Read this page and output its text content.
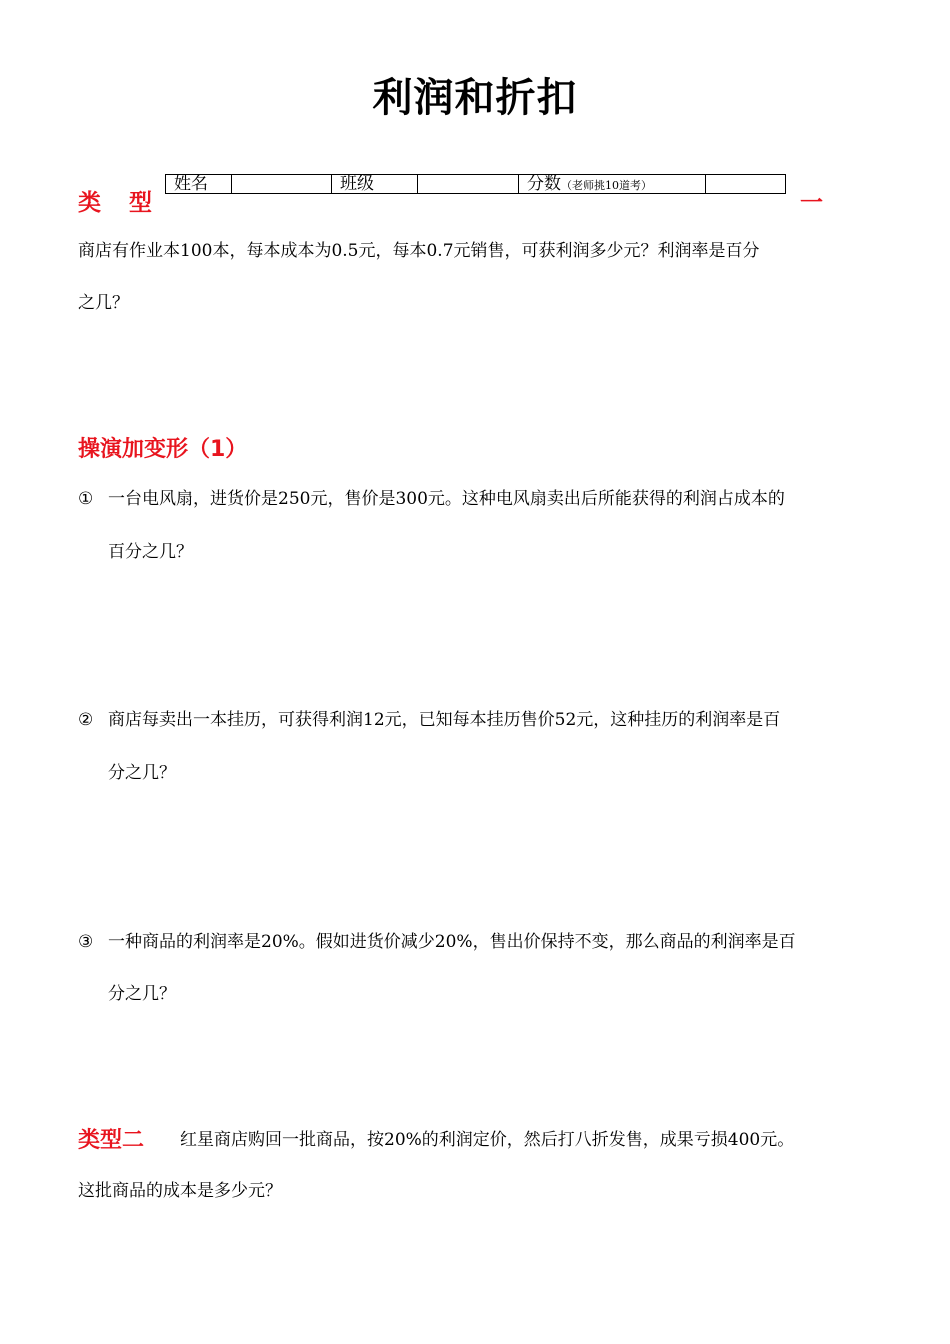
利润和折扣
类 型
姓名	班级	分数（老师挑10道考）
一
商店有作业本100本，每本成本为0.5元，每本0.7元销售，可获利润多少元？利润率是百分
之几？
操演加变形（1）
① 一台电风扇，进货价是250元，售价是300元。这种电风扇卖出后所能获得的利润占成本的
百分之几？
② 商店每卖出一本挂历，可获得利润12元，已知每本挂历售价52元，这种挂历的利润率是百
分之几？
③ 一种商品的利润率是20%。假如进货价减少20%，售出价保持不变，那么商品的利润率是百
分之几？
类型二 红星商店购回一批商品，按20%的利润定价，然后打八折发售，成果亏损400元。
这批商品的成本是多少元？
